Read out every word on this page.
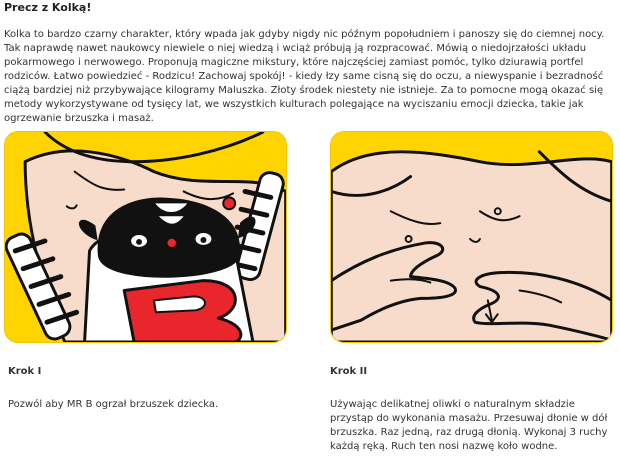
Precz z Kolką!

Kolka to bardzo czarny charakter, który wpada jak gdyby nigdy nic późnym popołudniem i panoszy się do ciemnej nocy. Tak naprawdę nawet naukowcy niewiele o niej wiedzą i wciąż próbują ją rozpracować. Mówią o niedojrzałości układu pokarmowego i nerwowego. Proponują magiczne mikstury, które najczęściej zamiast pomóc, tylko dziurawią portfel rodziców. Łatwo powiedzieć - Rodzicu! Zachowaj spokój! - kiedy łzy same cisną się do oczu, a niewyspanie i bezradność ciążą bardziej niż przybywające kilogramy Maluszka. Złoty środek niestety nie istnieje. Za to pomocne mogą okazać się metody wykorzystywane od tysięcy lat, we wszystkich kulturach polegające na wyciszaniu emocji dziecka, takie jak ogrzewanie brzuszka i masaż.

Krok I

Pozwól aby MR B ogrzał brzuszek dziecka.

Krok II

Używając delikatnej oliwki o naturalnym składzie przystąp do wykonania masażu. Przesuwaj dłonie w dół brzuszka. Raz jedną, raz drugą dłonią. Wykonaj 3 ruchy każdą ręką. Ruch ten nosi nazwę koło wodne.
